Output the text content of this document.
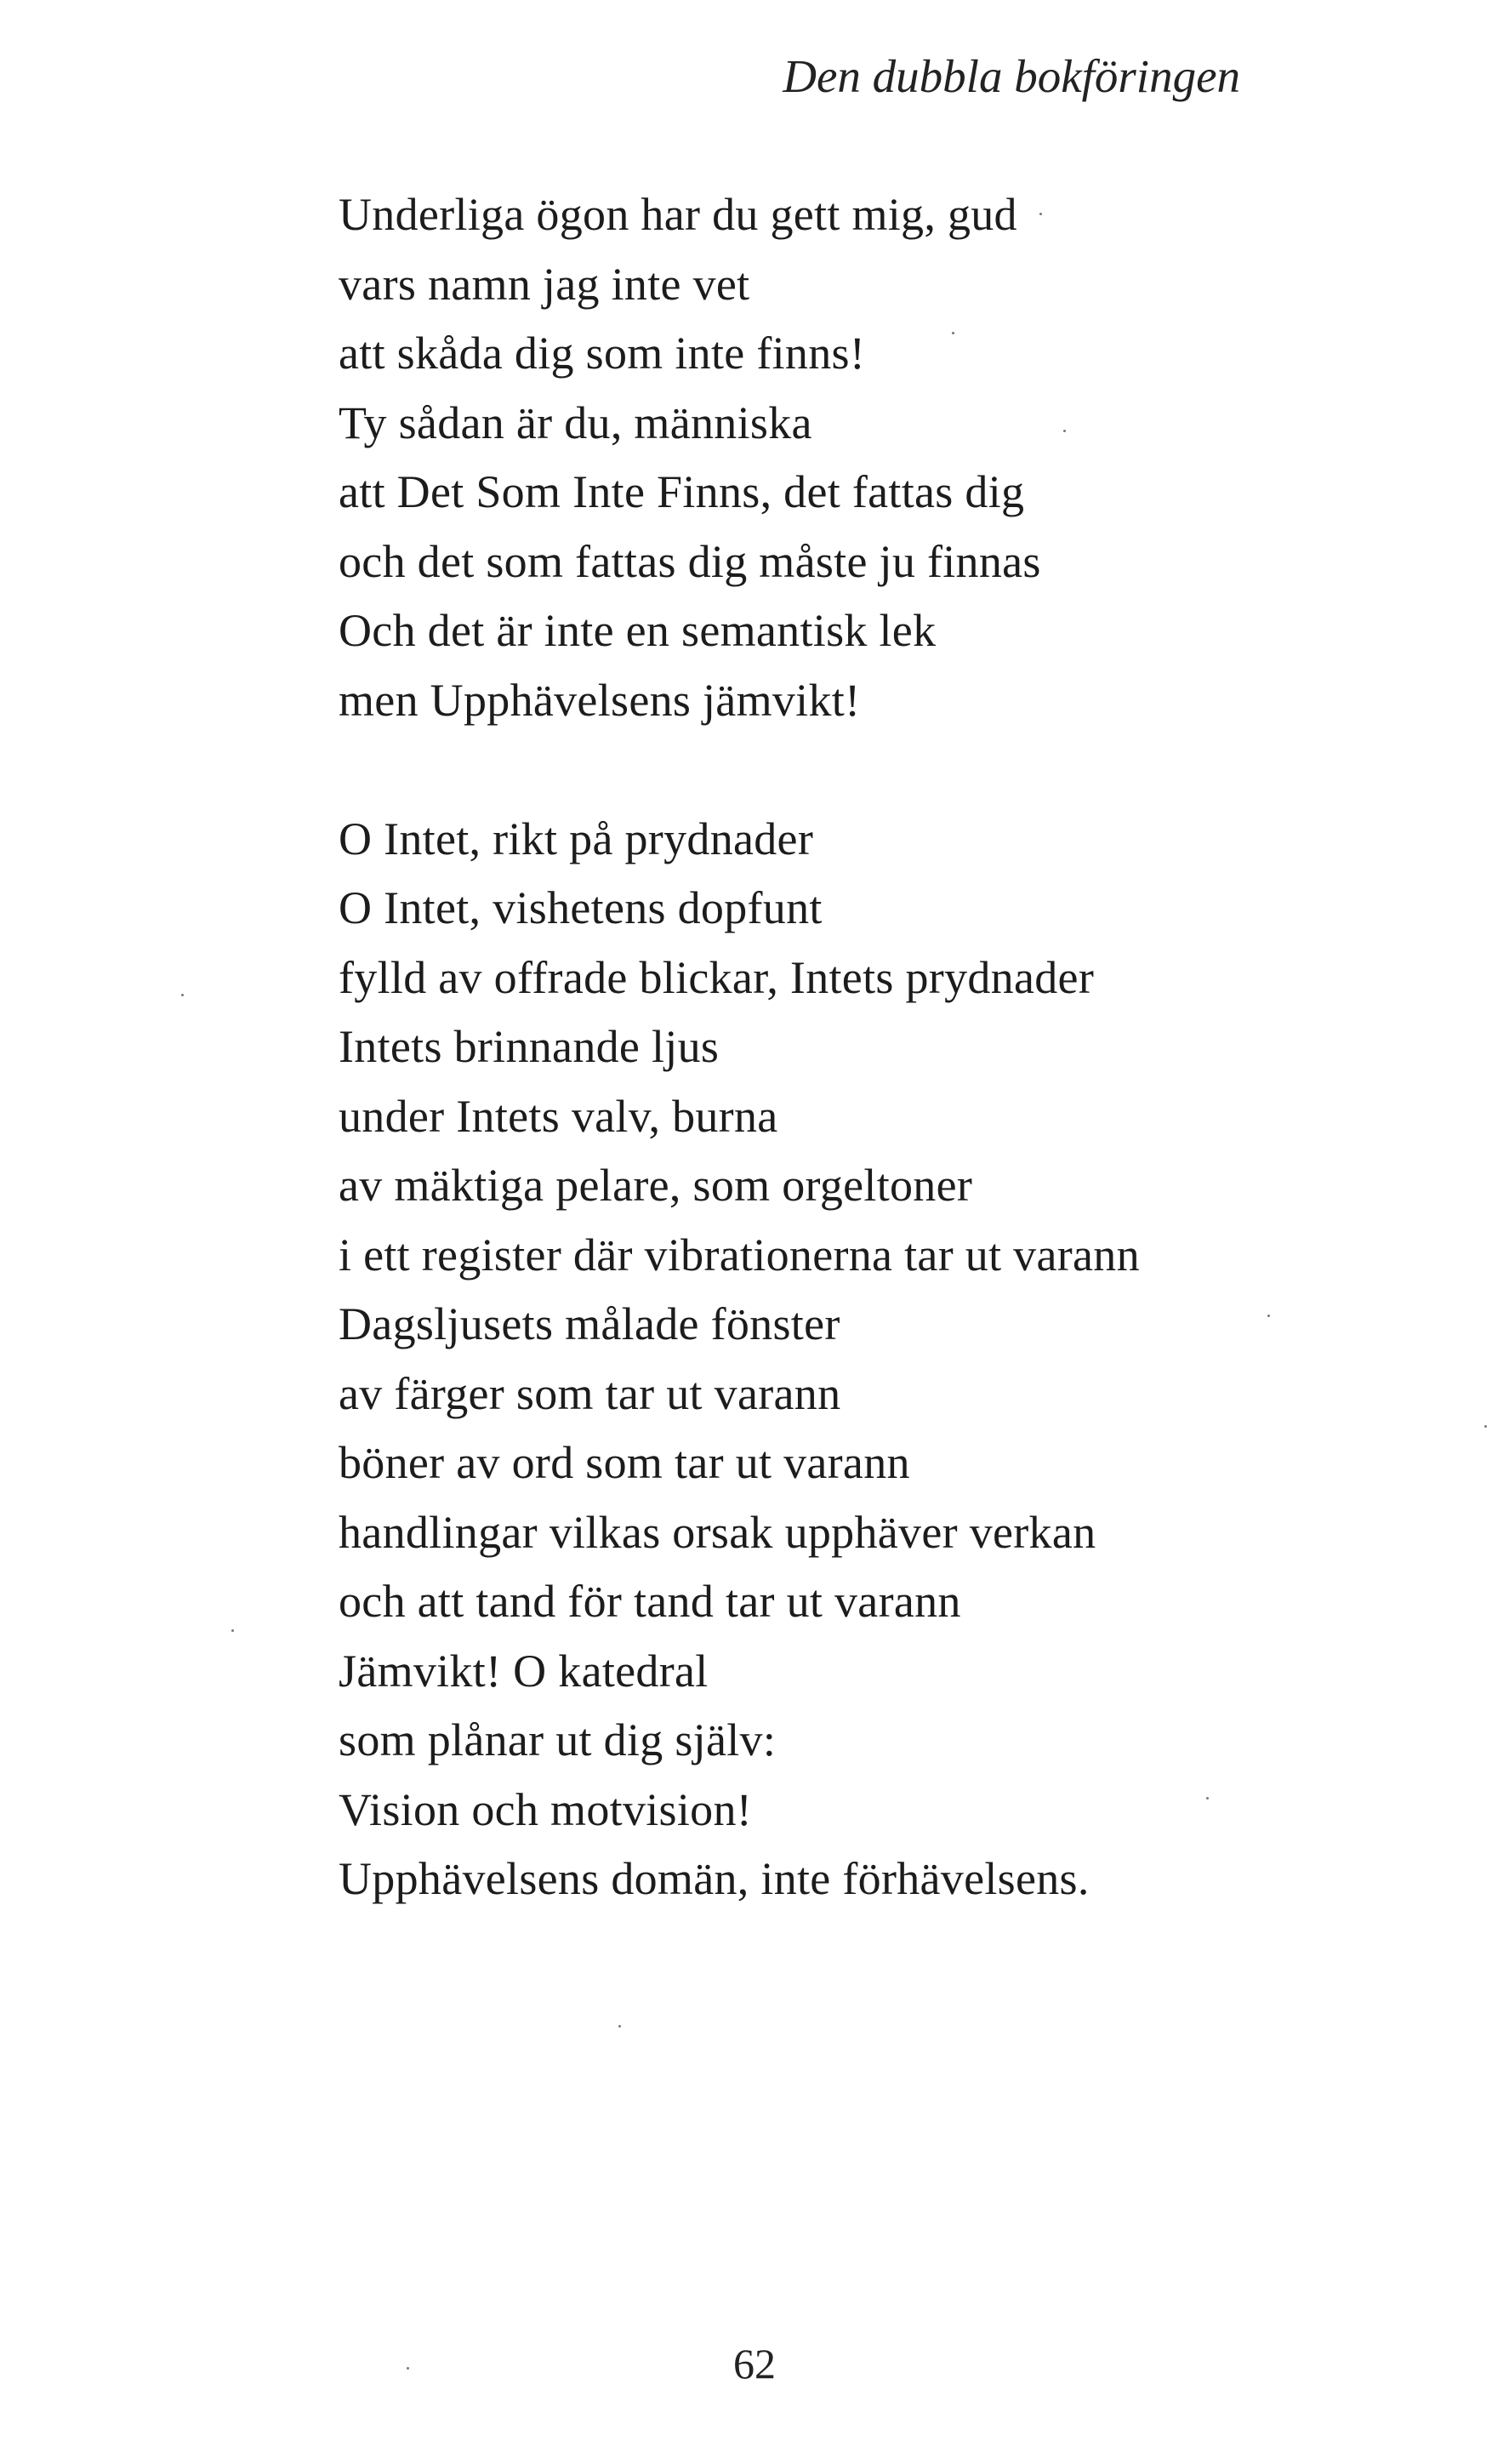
Den dubbla bokföringen
Underliga ögon har du gett mig, gud
vars namn jag inte vet
att skåda dig som inte finns!
Ty sådan är du, människa
att Det Som Inte Finns, det fattas dig
och det som fattas dig måste ju finnas
Och det är inte en semantisk lek
men Upphävelsens jämvikt!
O Intet, rikt på prydnader
O Intet, vishetens dopfunt
fylld av offrade blickar, Intets prydnader
Intets brinnande ljus
under Intets valv, burna
av mäktiga pelare, som orgeltoner
i ett register där vibrationerna tar ut varann
Dagsljusets målade fönster
av färger som tar ut varann
böner av ord som tar ut varann
handlingar vilkas orsak upphäver verkan
och att tand för tand tar ut varann
Jämvikt! O katedral
som plånar ut dig själv:
Vision och motvision!
Upphävelsens domän, inte förhävelsens.

62
